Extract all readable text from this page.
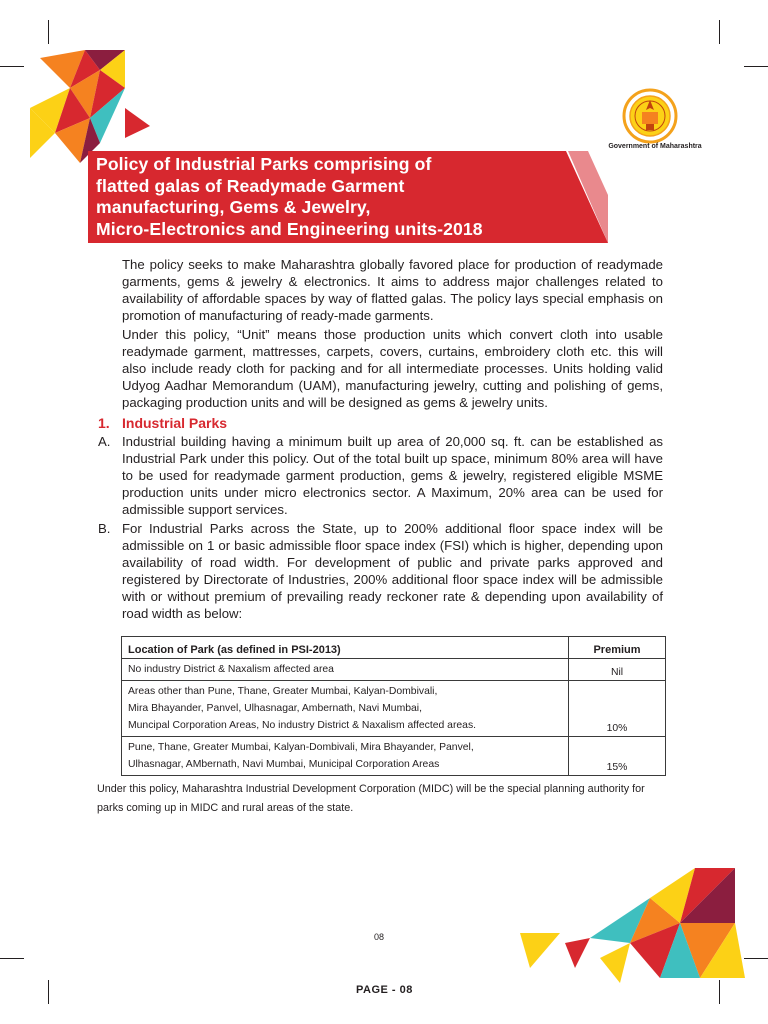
Government of Maharashtra
Policy of Industrial Parks comprising of
flatted galas of Readymade Garment
manufacturing, Gems & Jewelry,
Micro-Electronics and Engineering units-2018

The policy seeks to make Maharashtra globally favored place for production of readymade garments, gems & jewelry & electronics. It aims to address major challenges related to availability of affordable spaces by way of flatted galas. The policy lays special emphasis on promotion of manufacturing of ready-made garments.

Under this policy, “Unit” means those production units which convert cloth into usable readymade garment, mattresses, carpets, covers, curtains, embroidery cloth etc. this will also include ready cloth for packing and for all intermediate processes. Units holding valid Udyog Aadhar Memorandum (UAM), manufacturing jewelry, cutting and polishing of gems, packaging production units and will be designed as gems & jewelry units.

1. Industrial Parks
A. Industrial building having a minimum built up area of 20,000 sq. ft. can be established as Industrial Park under this policy. Out of the total built up space, minimum 80% area will have to be used for readymade garment production, gems & jewelry, registered eligible MSME production units under micro electronics sector. A Maximum, 20% area can be used for admissible support services.

B. For Industrial Parks across the State, up to 200% additional floor space index will be admissible on 1 or basic admissible floor space index (FSI) which is higher, depending upon availability of road width. For development of public and private parks approved and registered by Directorate of Industries, 200% additional floor space index will be admissible with or without premium of prevailing ready reckoner rate & depending upon availability of road width as below:

Location of Park (as defined in PSI-2013)	Premium

No industry District & Naxalism affected area	Nil

Areas other than Pune, Thane, Greater Mumbai, Kalyan-Dombivali,
Mira Bhayander, Panvel, Ulhasnagar, Ambernath, Navi Mumbai,
Muncipal Corporation Areas, No industry District & Naxalism affected areas.	10%

Pune, Thane, Greater Mumbai, Kalyan-Dombivali, Mira Bhayander, Panvel,
Ulhasnagar, AMbernath, Navi Mumbai, Municipal Corporation Areas	15%

Under this policy, Maharashtra Industrial Development Corporation (MIDC) will be the special planning authority for parks coming up in MIDC and rural areas of the state.

08
PAGE - 08
